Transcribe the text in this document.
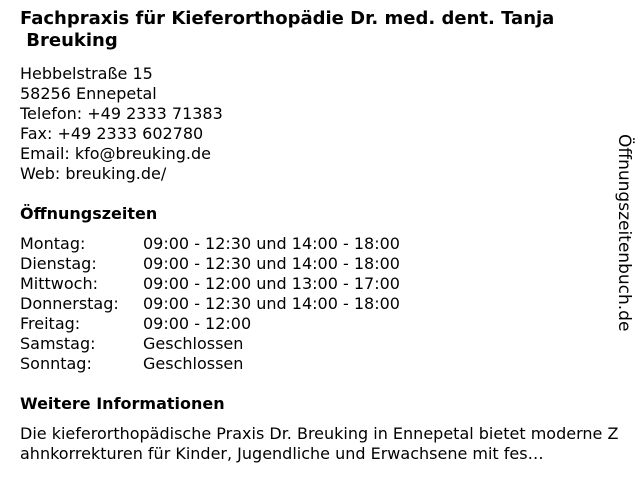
Fachpraxis für Kieferorthopädie Dr. med. dent. Tanja
Breuking
Hebbelstraße 15
58256 Ennepetal
Telefon: +49 2333 71383
Fax: +49 2333 602780
Email: kfo@breuking.de
Web: breuking.de/
Öffnungszeiten
Montag:	09:00 - 12:30 und 14:00 - 18:00
Dienstag:	09:00 - 12:30 und 14:00 - 18:00
Mittwoch:	09:00 - 12:00 und 13:00 - 17:00
Donnerstag:	09:00 - 12:30 und 14:00 - 18:00
Freitag:	09:00 - 12:00
Samstag:	Geschlossen
Sonntag:	Geschlossen
Weitere Informationen

Die kieferorthopädische Praxis Dr. Breuking in Ennepetal bietet moderne Zahnkorrekturen für Kinder, Jugendliche und Erwachsene mit fes…

Öffnungszeitenbuch.de
